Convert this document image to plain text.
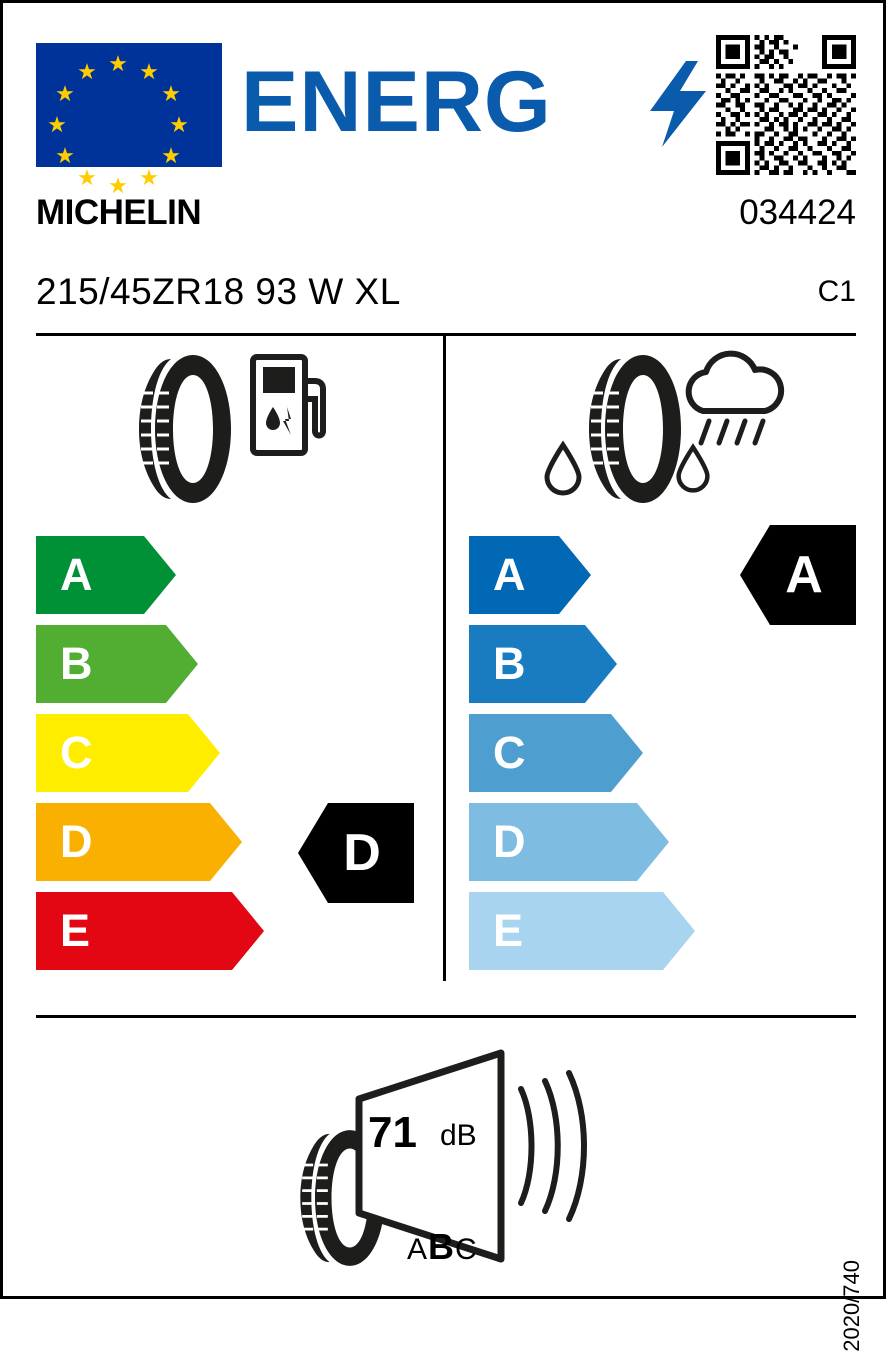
★ ★
★
★
★
★
★
★
★
★
★
★ ENERG
MICHELIN	034424
215/45ZR18 93 W XL	C1
A
B
C
D
E
D
A
B
C
D
E
A
71 dB
ABC
2020/740
